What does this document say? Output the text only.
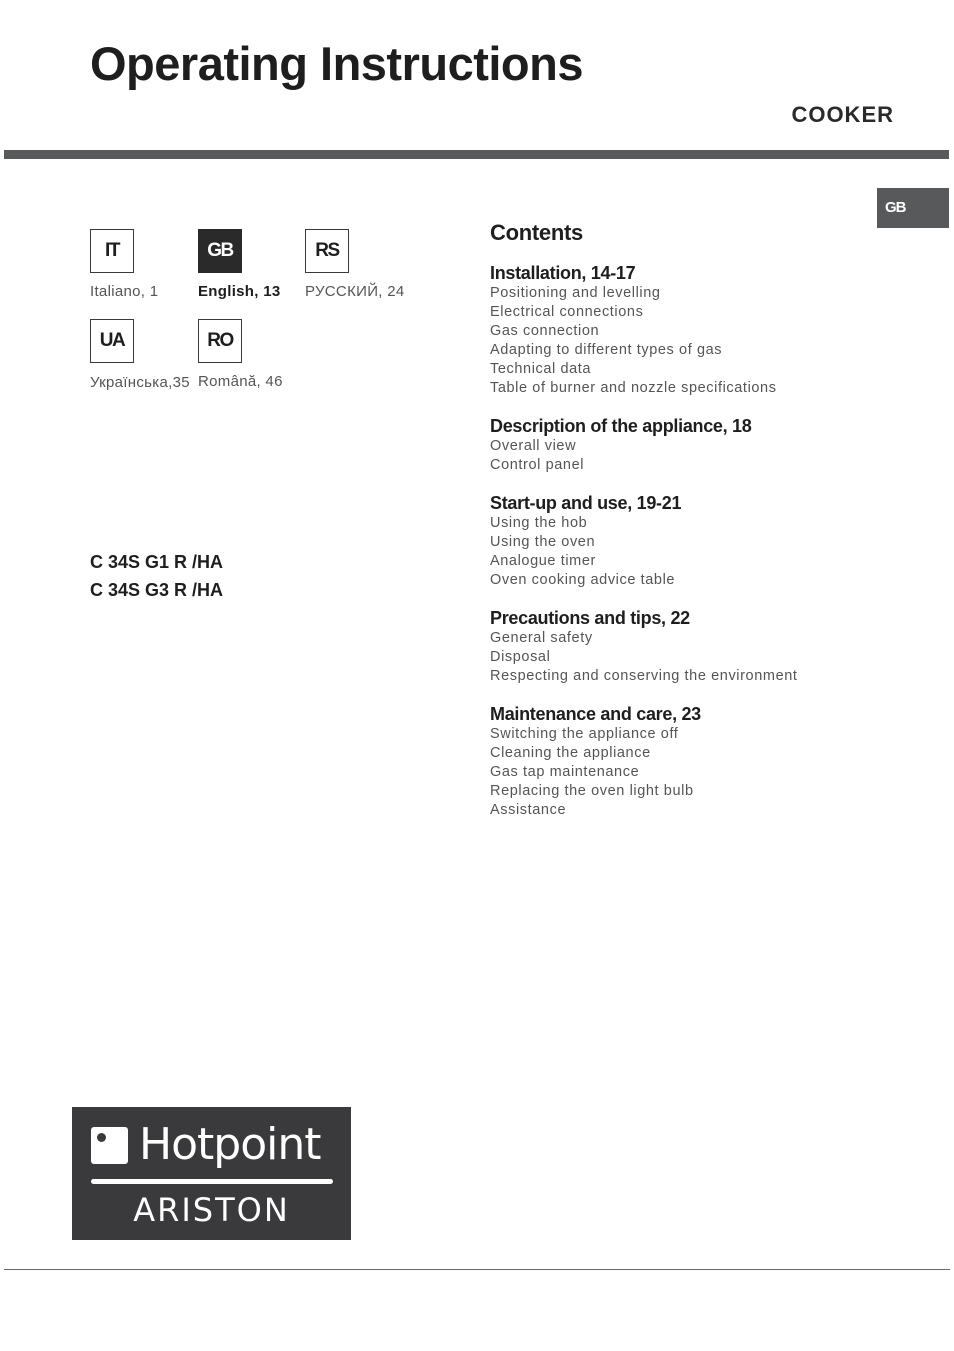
Operating Instructions
COOKER
GB
IT	GB	RS
Italiano, 1	English, 13 РУССКИЙ, 24
UA	RO
Українська,35 Română, 46
C 34S G1 R /HA
C 34S G3 R /HA
Contents
Installation, 14-17
Positioning and levelling
Electrical connections
Gas connection
Adapting to different types of gas
Technical data
Table of burner and nozzle specifications
Description of the appliance, 18
Overall view
Control panel
Start-up and use, 19-21
Using the hob
Using the oven
Analogue timer
Oven cooking advice table
Precautions and tips, 22
General safety
Disposal
Respecting and conserving the environment
Maintenance and care, 23
Switching the appliance off
Cleaning the appliance
Gas tap maintenance
Replacing the oven light bulb
Assistance
Hotpoint
ARISTON
